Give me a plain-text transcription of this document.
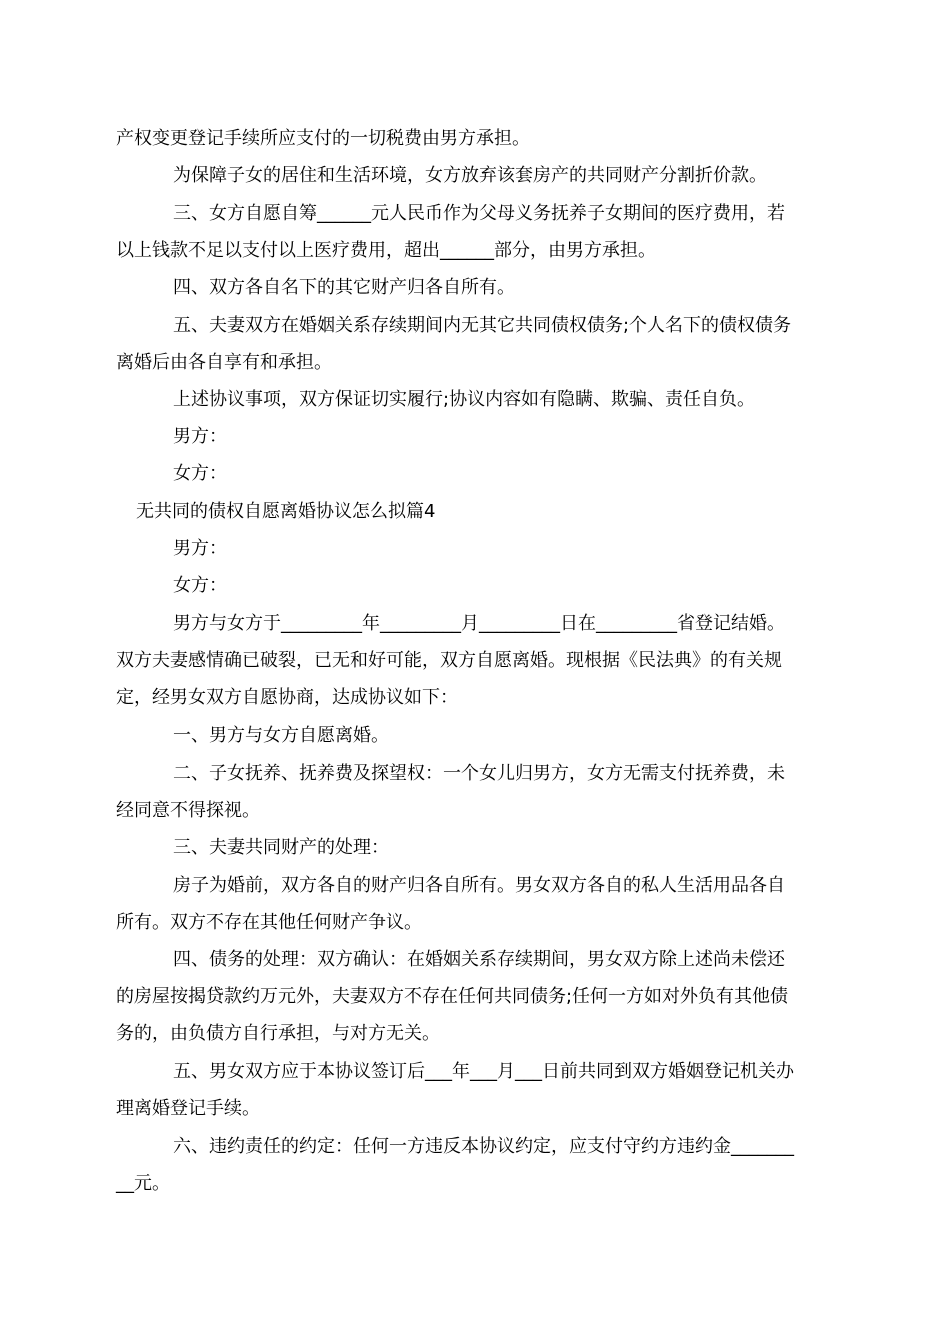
产权变更登记手续所应支付的一切税费由男方承担。

为保障子女的居住和生活环境，女方放弃该套房产的共同财产分割折价款。

三、女方自愿自筹______元人民币作为父母义务抚养子女期间的医疗费用，若
以上钱款不足以支付以上医疗费用，超出______部分，由男方承担。

四、双方各自名下的其它财产归各自所有。

五、夫妻双方在婚姻关系存续期间内无其它共同债权债务;个人名下的债权债务
离婚后由各自享有和承担。

上述协议事项，双方保证切实履行;协议内容如有隐瞒、欺骗、责任自负。

男方：

女方：

无共同的债权自愿离婚协议怎么拟篇4

男方：

女方：

男方与女方于_________年_________月_________日在_________省登记结婚。
双方夫妻感情确已破裂，已无和好可能，双方自愿离婚。现根据《民法典》的有关规
定，经男女双方自愿协商，达成协议如下：

一、男方与女方自愿离婚。

二、子女抚养、抚养费及探望权：一个女儿归男方，女方无需支付抚养费，未
经同意不得探视。

三、夫妻共同财产的处理：

房子为婚前，双方各自的财产归各自所有。男女双方各自的私人生活用品各自
所有。双方不存在其他任何财产争议。

四、债务的处理：双方确认：在婚姻关系存续期间，男女双方除上述尚未偿还
的房屋按揭贷款约万元外，夫妻双方不存在任何共同债务;任何一方如对外负有其他债
务的，由负债方自行承担，与对方无关。

五、男女双方应于本协议签订后___年___月___日前共同到双方婚姻登记机关办
理离婚登记手续。

六、违约责任的约定：任何一方违反本协议约定，应支付守约方违约金_______
__元。
